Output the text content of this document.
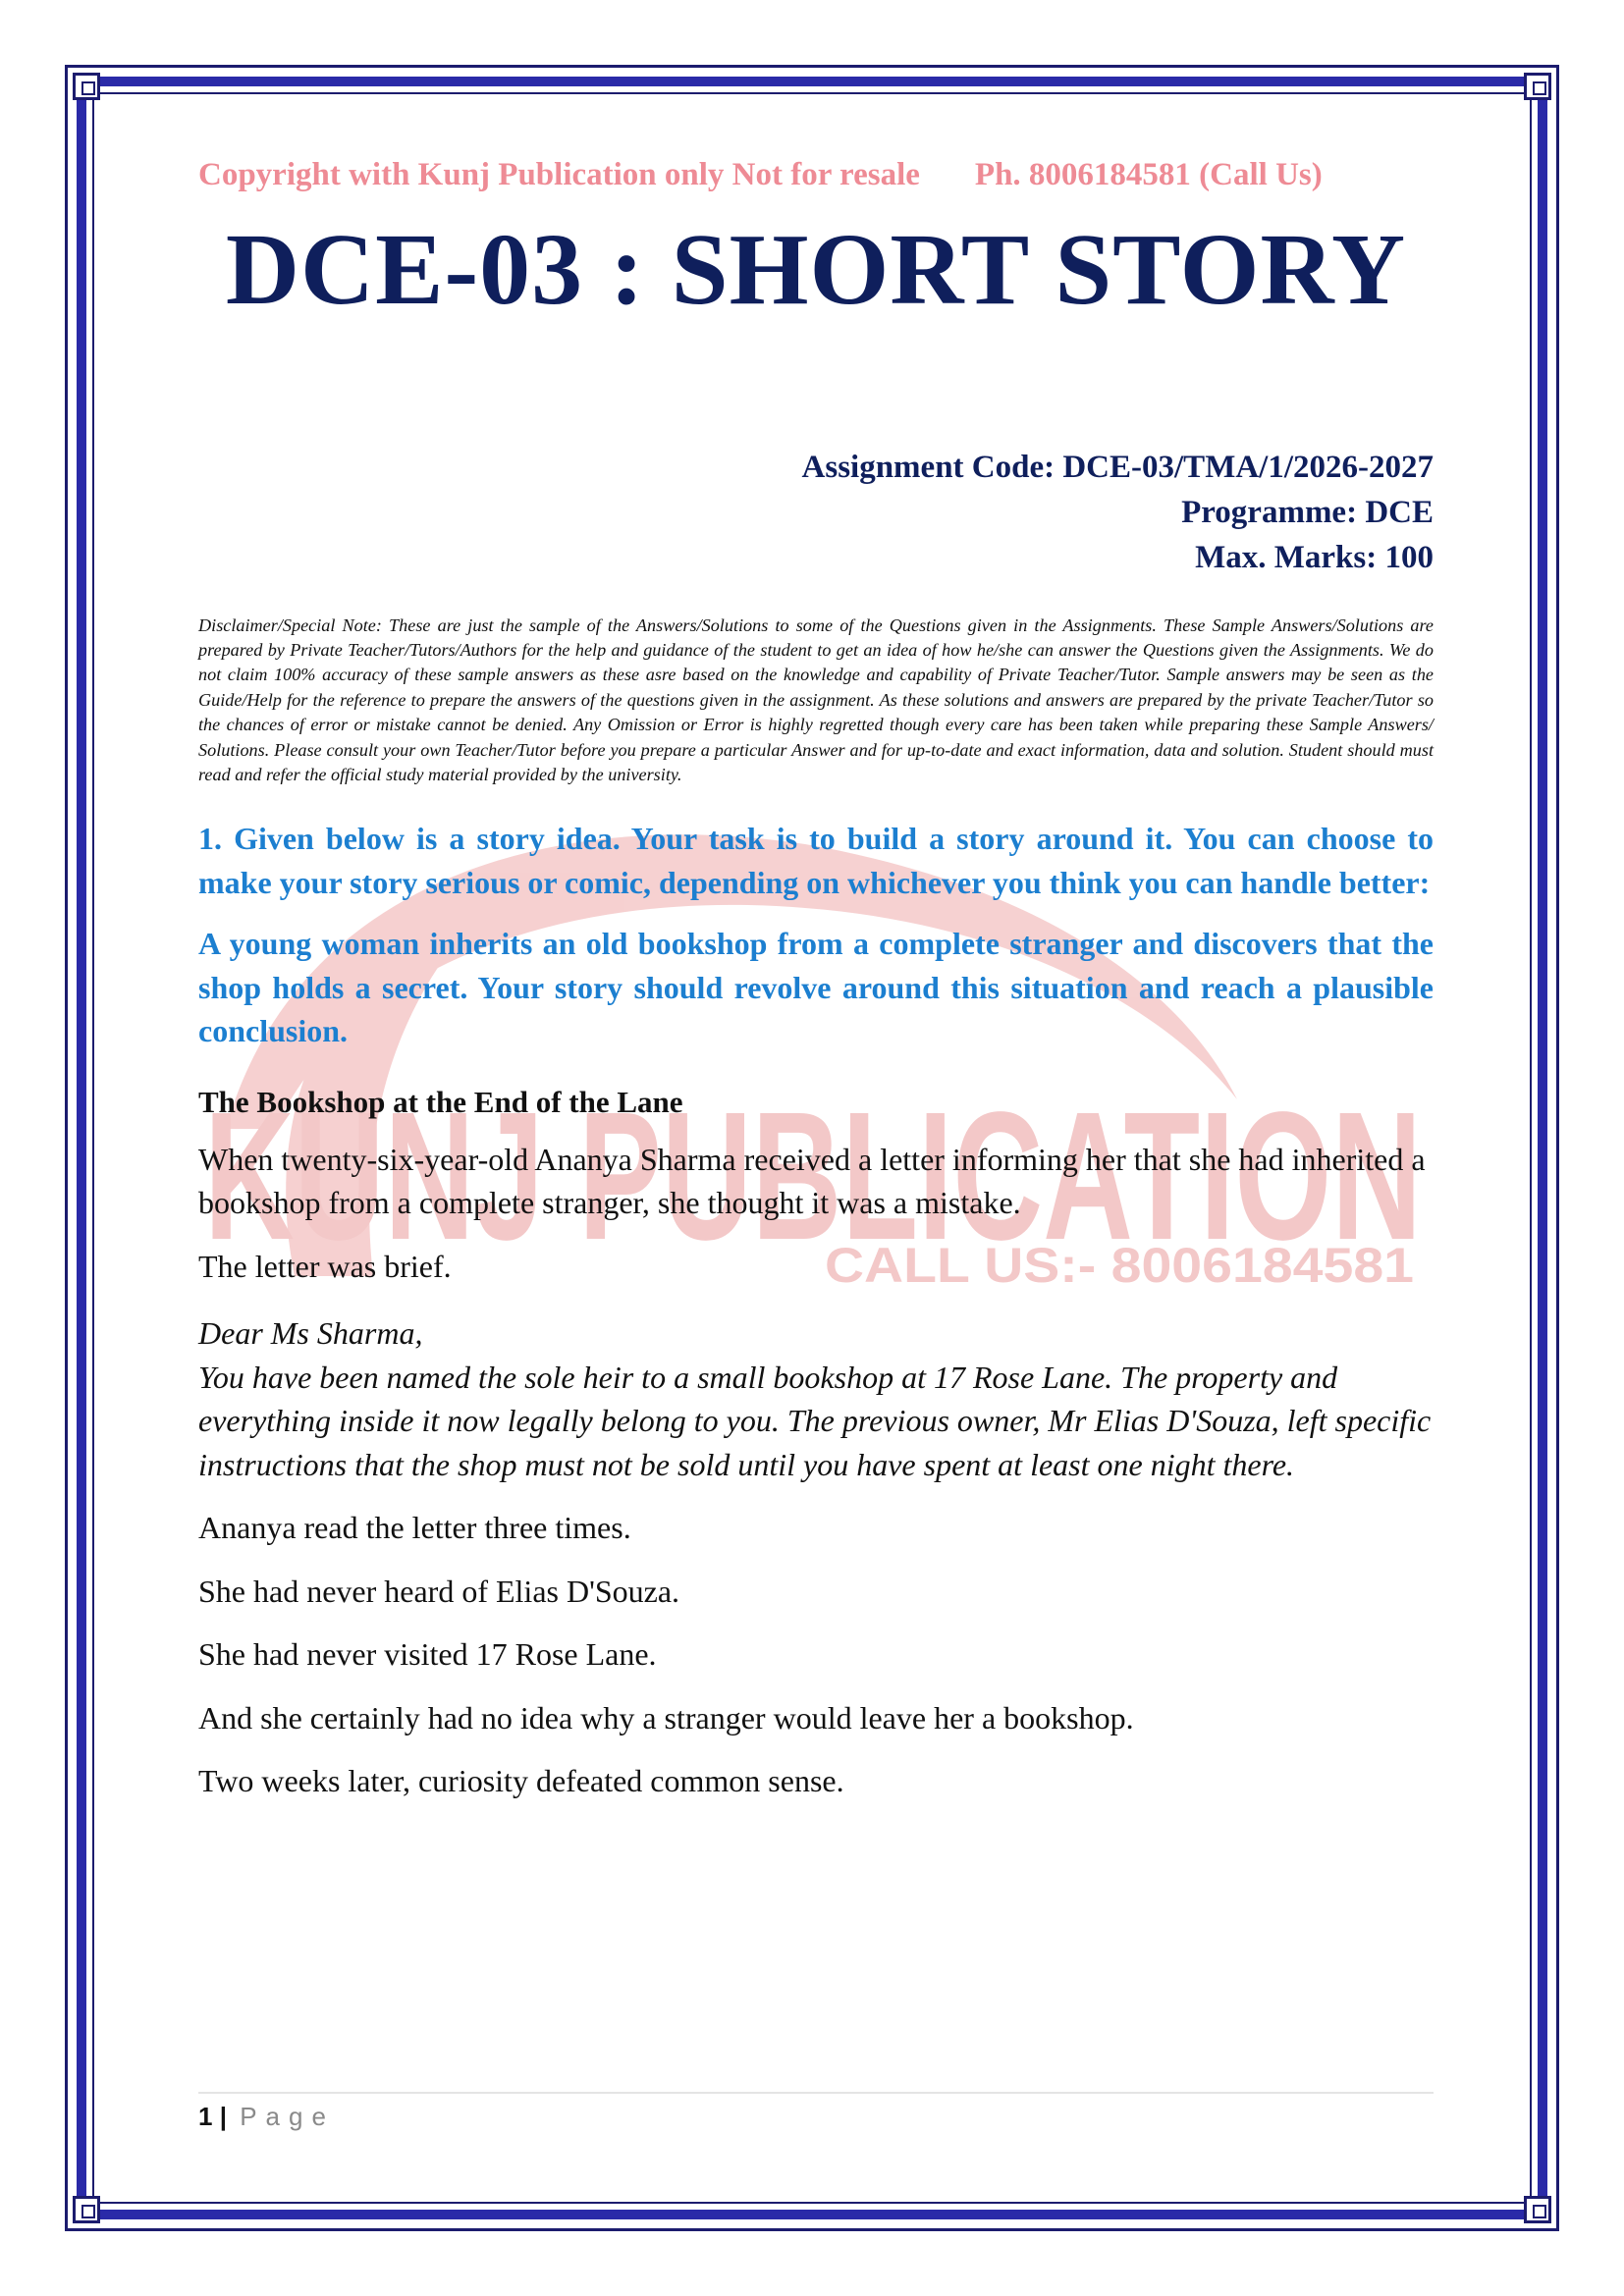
KUNJ PUBLICATION
CALL US:- 8006184581
Copyright with Kunj Publication only Not for resale Ph. 8006184581 (Call Us)
DCE-03 : SHORT STORY
Assignment Code: DCE-03/TMA/1/2026-2027
Programme: DCE
Max. Marks: 100
Disclaimer/Special Note: These are just the sample of the Answers/Solutions to some of the Questions given in the Assignments. These Sample Answers/Solutions are prepared by Private Teacher/Tutors/Authors for the help and guidance of the student to get an idea of how he/she can answer the Questions given the Assignments. We do not claim 100% accuracy of these sample answers as these asre based on the knowledge and capability of Private Teacher/Tutor. Sample answers may be seen as the Guide/Help for the reference to prepare the answers of the questions given in the assignment. As these solutions and answers are prepared by the private Teacher/Tutor so the chances of error or mistake cannot be denied. Any Omission or Error is highly regretted though every care has been taken while preparing these Sample Answers/ Solutions. Please consult your own Teacher/Tutor before you prepare a particular Answer and for up-to-date and exact information, data and solution. Student should must read and refer the official study material provided by the university.
1. Given below is a story idea. Your task is to build a story around it. You can choose to make your story serious or comic, depending on whichever you think you can handle better:
A young woman inherits an old bookshop from a complete stranger and discovers that the shop holds a secret. Your story should revolve around this situation and reach a plausible conclusion.
The Bookshop at the End of the Lane
When twenty-six-year-old Ananya Sharma received a letter informing her that she had inherited a bookshop from a complete stranger, she thought it was a mistake.
The letter was brief.
Dear Ms Sharma,
You have been named the sole heir to a small bookshop at 17 Rose Lane. The property and everything inside it now legally belong to you. The previous owner, Mr Elias D'Souza, left specific instructions that the shop must not be sold until you have spent at least one night there.
Ananya read the letter three times.
She had never heard of Elias D'Souza.
She had never visited 17 Rose Lane.
And she certainly had no idea why a stranger would leave her a bookshop.
Two weeks later, curiosity defeated common sense.
1 | Page
